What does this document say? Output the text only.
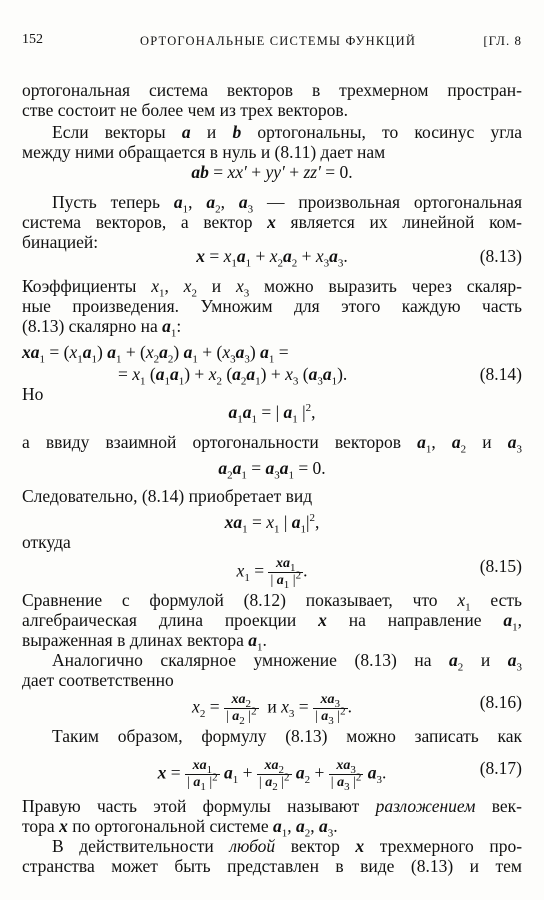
152	ОРТОГОНАЛЬНЫЕ СИСТЕМЫ ФУНКЦИЙ	[ГЛ. 8
ортогональная система векторов в трехмерном простран-
стве состоит не более чем из трех векторов.
Если векторы a и b ортогональны, то косинус угла
между ними обращается в нуль и (8.11) дает нам
ab = xx′ + yy′ + zz′ = 0.
Пусть теперь $a_1$, $a_2$, $a_3$ — произвольная ортогональная
система векторов, а вектор x является их линейной ком-
бинацией:
$x = x_1a_1 + x_2a_2 + x_3a_3$.	(8.13)
Коэффициенты $x_1$, $x_2$ и $x_3$ можно выразить через скаляр-
ные произведения. Умножим для этого каждую часть
(8.13) скалярно на $a_1$:
$xa_1 = (x_1a_1) a_1 + (x_2a_2) a_1 + (x_3a_3) a_1$ =
= $x_1$ $(a_1a_1) + x_2$ $(a_2a_1) + x_3$ $(a_3a_1)$.	(8.14)
Но
$a_1a_1$ = | $a_1$ $|^2$,
а ввиду взаимной ортогональности векторов $a_1$, $a_2$ и $a_3$
$a_2a_1 = a_3a_1 = 0$.
Следовательно, (8.14) приобретает вид
$xa_1 = x_1$ | $a_1|^2$,
откуда
$x_1 = \frac{xa_1}{| a_1 |^2}$ .	(8.15)
Сравнение с формулой (8.12) показывает, что $x_1$ есть
алгебраическая длина проекции x на направление $a_1$,
выраженная в длинах вектора $a_1$.
Аналогично скалярное умножение (8.13) на $a_2$ и $a_3$
дает соответственно
$x_2 = \frac{xa_2}{| a_2 |^2}$ и $x_3 = \frac{xa_3}{| a_3 |^2}$ .	(8.16)
Таким образом, формулу (8.13) можно записать как
$x = \frac{xa_1}{| a_1 |^2} a_1 + \frac{xa_2}{| a_2 |^2} a_2 + \frac{xa_3}{| a_3 |^2} a_3$.	(8.17)
Правую часть этой формулы называют разложением век-
тора x по ортогональной системе $a_1$, $a_2$, $a_3$.
В действительности любой вектор x трехмерного про-
странства может быть представлен в виде (8.13) и тем
